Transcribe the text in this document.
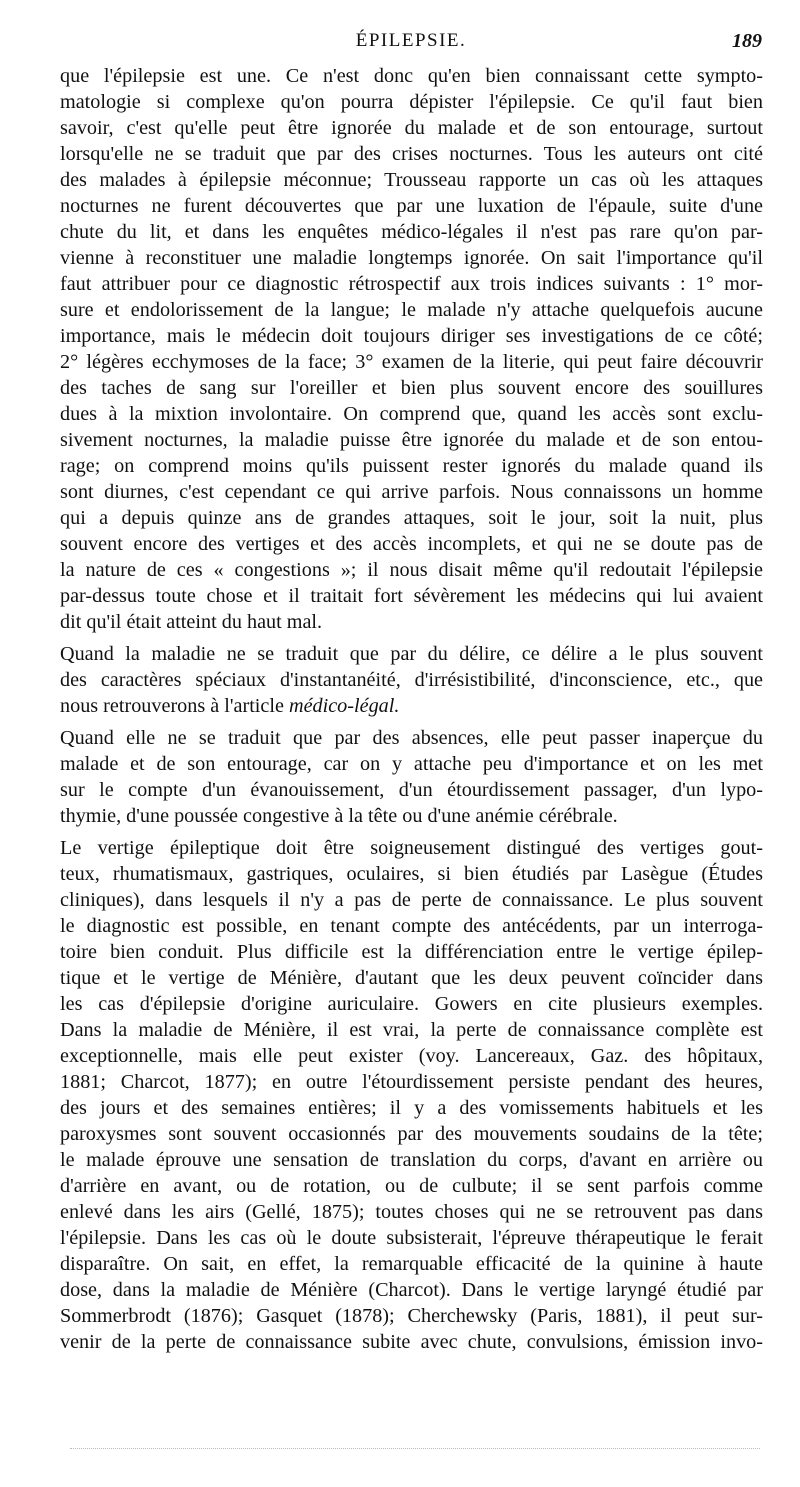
ÉPILEPSIE.	189
que l'épilepsie est une. Ce n'est donc qu'en bien connaissant cette sympto-
matologie si complexe qu'on pourra dépister l'épilepsie. Ce qu'il faut bien
savoir, c'est qu'elle peut être ignorée du malade et de son entourage, surtout
lorsqu'elle ne se traduit que par des crises nocturnes. Tous les auteurs ont cité
des malades à épilepsie méconnue; Trousseau rapporte un cas où les attaques
nocturnes ne furent découvertes que par une luxation de l'épaule, suite d'une
chute du lit, et dans les enquêtes médico-légales il n'est pas rare qu'on par-
vienne à reconstituer une maladie longtemps ignorée. On sait l'importance qu'il
faut attribuer pour ce diagnostic rétrospectif aux trois indices suivants : 1° mor-
sure et endolorissement de la langue; le malade n'y attache quelquefois aucune
importance, mais le médecin doit toujours diriger ses investigations de ce côté;
2° légères ecchymoses de la face; 3° examen de la literie, qui peut faire découvrir
des taches de sang sur l'oreiller et bien plus souvent encore des souillures
dues à la mixtion involontaire. On comprend que, quand les accès sont exclu-
sivement nocturnes, la maladie puisse être ignorée du malade et de son entou-
rage; on comprend moins qu'ils puissent rester ignorés du malade quand ils
sont diurnes, c'est cependant ce qui arrive parfois. Nous connaissons un homme
qui a depuis quinze ans de grandes attaques, soit le jour, soit la nuit, plus
souvent encore des vertiges et des accès incomplets, et qui ne se doute pas de
la nature de ces « congestions »; il nous disait même qu'il redoutait l'épilepsie
par-dessus toute chose et il traitait fort sévèrement les médecins qui lui avaient
dit qu'il était atteint du haut mal.
Quand la maladie ne se traduit que par du délire, ce délire a le plus souvent
des caractères spéciaux d'instantanéité, d'irrésistibilité, d'inconscience, etc., que
nous retrouverons à l'article médico-légal.
Quand elle ne se traduit que par des absences, elle peut passer inaperçue du
malade et de son entourage, car on y attache peu d'importance et on les met
sur le compte d'un évanouissement, d'un étourdissement passager, d'un lypo-
thymie, d'une poussée congestive à la tête ou d'une anémie cérébrale.
Le vertige épileptique doit être soigneusement distingué des vertiges gout-
teux, rhumatismaux, gastriques, oculaires, si bien étudiés par Lasègue (Études
cliniques), dans lesquels il n'y a pas de perte de connaissance. Le plus souvent
le diagnostic est possible, en tenant compte des antécédents, par un interroga-
toire bien conduit. Plus difficile est la différenciation entre le vertige épilep-
tique et le vertige de Ménière, d'autant que les deux peuvent coïncider dans
les cas d'épilepsie d'origine auriculaire. Gowers en cite plusieurs exemples.
Dans la maladie de Ménière, il est vrai, la perte de connaissance complète est
exceptionnelle, mais elle peut exister (voy. Lancereaux, Gaz. des hôpitaux,
1881; Charcot, 1877); en outre l'étourdissement persiste pendant des heures,
des jours et des semaines entières; il y a des vomissements habituels et les
paroxysmes sont souvent occasionnés par des mouvements soudains de la tête;
le malade éprouve une sensation de translation du corps, d'avant en arrière ou
d'arrière en avant, ou de rotation, ou de culbute; il se sent parfois comme
enlevé dans les airs (Gellé, 1875); toutes choses qui ne se retrouvent pas dans
l'épilepsie. Dans les cas où le doute subsisterait, l'épreuve thérapeutique le ferait
disparaître. On sait, en effet, la remarquable efficacité de la quinine à haute
dose, dans la maladie de Ménière (Charcot). Dans le vertige laryngé étudié par
Sommerbrodt (1876); Gasquet (1878); Cherchewsky (Paris, 1881), il peut sur-
venir de la perte de connaissance subite avec chute, convulsions, émission invo-
